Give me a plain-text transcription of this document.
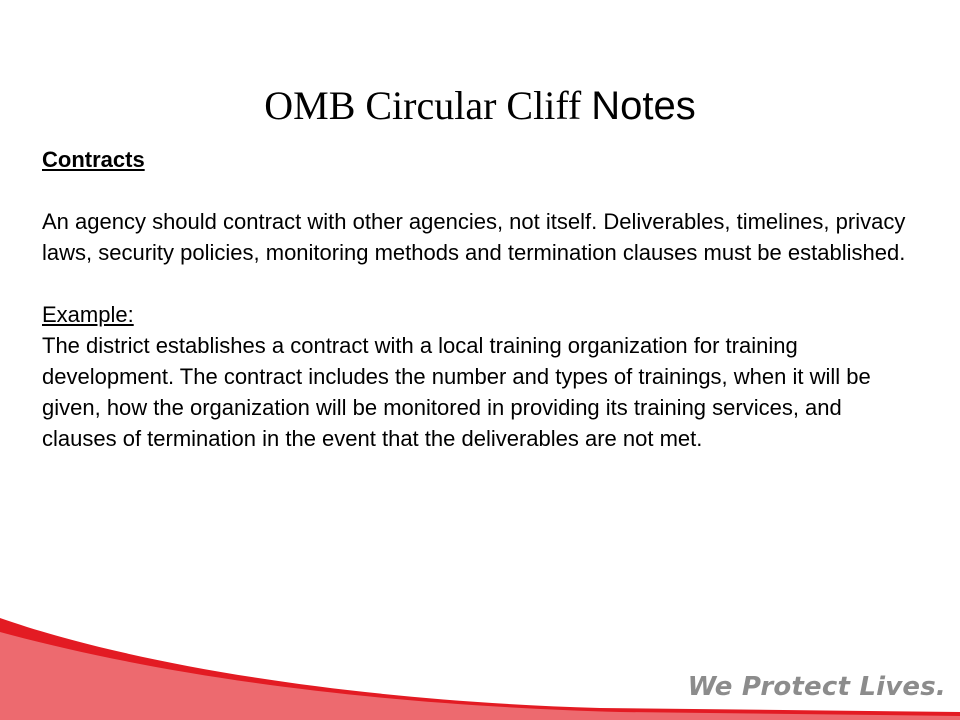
OMB Circular Cliff Notes

Contracts

An agency should contract with other agencies, not itself. Deliverables, timelines, privacy laws, security policies, monitoring methods and termination clauses must be established.

Example:

The district establishes a contract with a local training organization for training development. The contract includes the number and types of trainings, when it will be given, how the organization will be monitored in providing its training services, and clauses of termination in the event that the deliverables are not met.

We Protect Lives.
